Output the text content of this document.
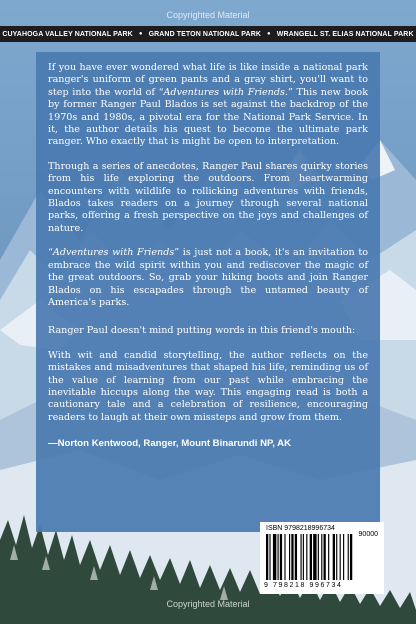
Copyrighted Material
CUYAHOGA VALLEY NATIONAL PARK ● GRAND TETON NATIONAL PARK ● WRANGELL ST. ELIAS NATIONAL PARK

If you have ever wondered what life is like inside a national park ranger's uniform of green pants and a gray shirt, you'll want to step into the world of “Adventures with Friends.” This new book by former Ranger Paul Blados is set against the backdrop of the 1970s and 1980s, a pivotal era for the National Park Service. In it, the author details his quest to become the ultimate park ranger. Who exactly that is might be open to interpretation.

Through a series of anecdotes, Ranger Paul shares quirky stories from his life exploring the outdoors. From heartwarming encounters with wildlife to rollicking adventures with friends, Blados takes readers on a journey through several national parks, offering a fresh perspective on the joys and challenges of nature.

“Adventures with Friends” is just not a book, it's an invitation to embrace the wild spirit within you and rediscover the magic of the great outdoors. So, grab your hiking boots and join Ranger Blados on his escapades through the untamed beauty of America's parks.

Ranger Paul doesn't mind putting words in this friend's mouth:

With wit and candid storytelling, the author reflects on the mistakes and misadventures that shaped his life, reminding us of the value of learning from our past while embracing the inevitable hiccups along the way. This engaging read is both a cautionary tale and a celebration of resilience, encouraging readers to laugh at their own missteps and grow from them.

—Norton Kentwood, Ranger, Mount Binarundi NP, AK

ISBN 9798218996734
90000
9 798218 996734
Copyrighted Material
